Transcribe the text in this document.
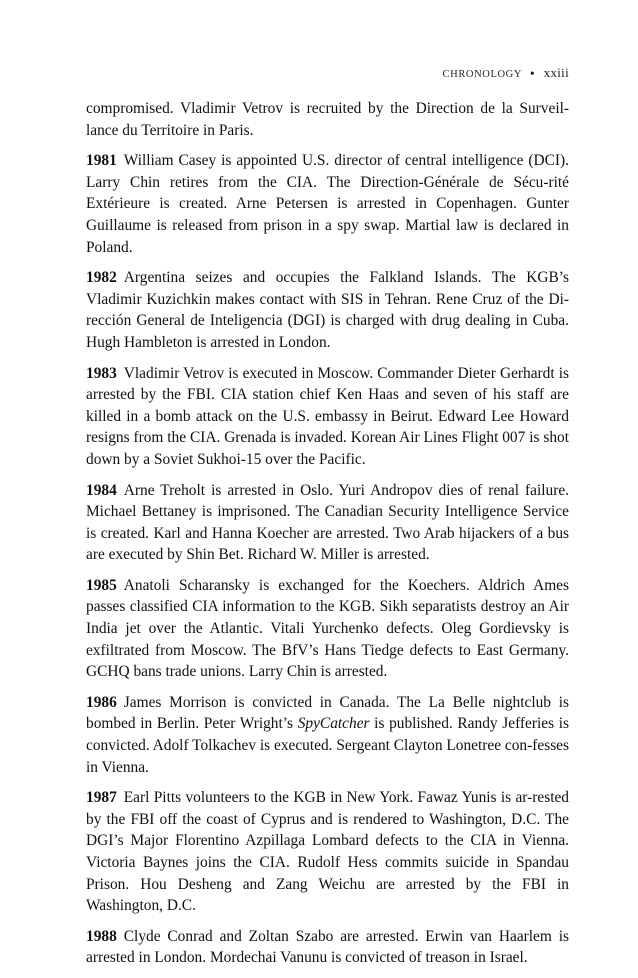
CHRONOLOGY • xxiii

compromised. Vladimir Vetrov is recruited by the Direction de la Surveil-lance du Territoire in Paris.

1981 William Casey is appointed U.S. director of central intelligence (DCI). Larry Chin retires from the CIA. The Direction-Générale de Sécu-rité Extérieure is created. Arne Petersen is arrested in Copenhagen. Gunter Guillaume is released from prison in a spy swap. Martial law is declared in Poland.

1982 Argentina seizes and occupies the Falkland Islands. The KGB’s Vladimir Kuzichkin makes contact with SIS in Tehran. Rene Cruz of the Di-rección General de Inteligencia (DGI) is charged with drug dealing in Cuba. Hugh Hambleton is arrested in London.

1983 Vladimir Vetrov is executed in Moscow. Commander Dieter Gerhardt is arrested by the FBI. CIA station chief Ken Haas and seven of his staff are killed in a bomb attack on the U.S. embassy in Beirut. Edward Lee Howard resigns from the CIA. Grenada is invaded. Korean Air Lines Flight 007 is shot down by a Soviet Sukhoi-15 over the Pacific.

1984 Arne Treholt is arrested in Oslo. Yuri Andropov dies of renal failure. Michael Bettaney is imprisoned. The Canadian Security Intelligence Service is created. Karl and Hanna Koecher are arrested. Two Arab hijackers of a bus are executed by Shin Bet. Richard W. Miller is arrested.

1985 Anatoli Scharansky is exchanged for the Koechers. Aldrich Ames passes classified CIA information to the KGB. Sikh separatists destroy an Air India jet over the Atlantic. Vitali Yurchenko defects. Oleg Gordievsky is exfiltrated from Moscow. The BfV’s Hans Tiedge defects to East Germany. GCHQ bans trade unions. Larry Chin is arrested.

1986 James Morrison is convicted in Canada. The La Belle nightclub is bombed in Berlin. Peter Wright’s SpyCatcher is published. Randy Jefferies is convicted. Adolf Tolkachev is executed. Sergeant Clayton Lonetree con-fesses in Vienna.

1987 Earl Pitts volunteers to the KGB in New York. Fawaz Yunis is ar-rested by the FBI off the coast of Cyprus and is rendered to Washington, D.C. The DGI’s Major Florentino Azpillaga Lombard defects to the CIA in Vienna. Victoria Baynes joins the CIA. Rudolf Hess commits suicide in Spandau Prison. Hou Desheng and Zang Weichu are arrested by the FBI in Washington, D.C.

1988 Clyde Conrad and Zoltan Szabo are arrested. Erwin van Haarlem is arrested in London. Mordechai Vanunu is convicted of treason in Israel.
